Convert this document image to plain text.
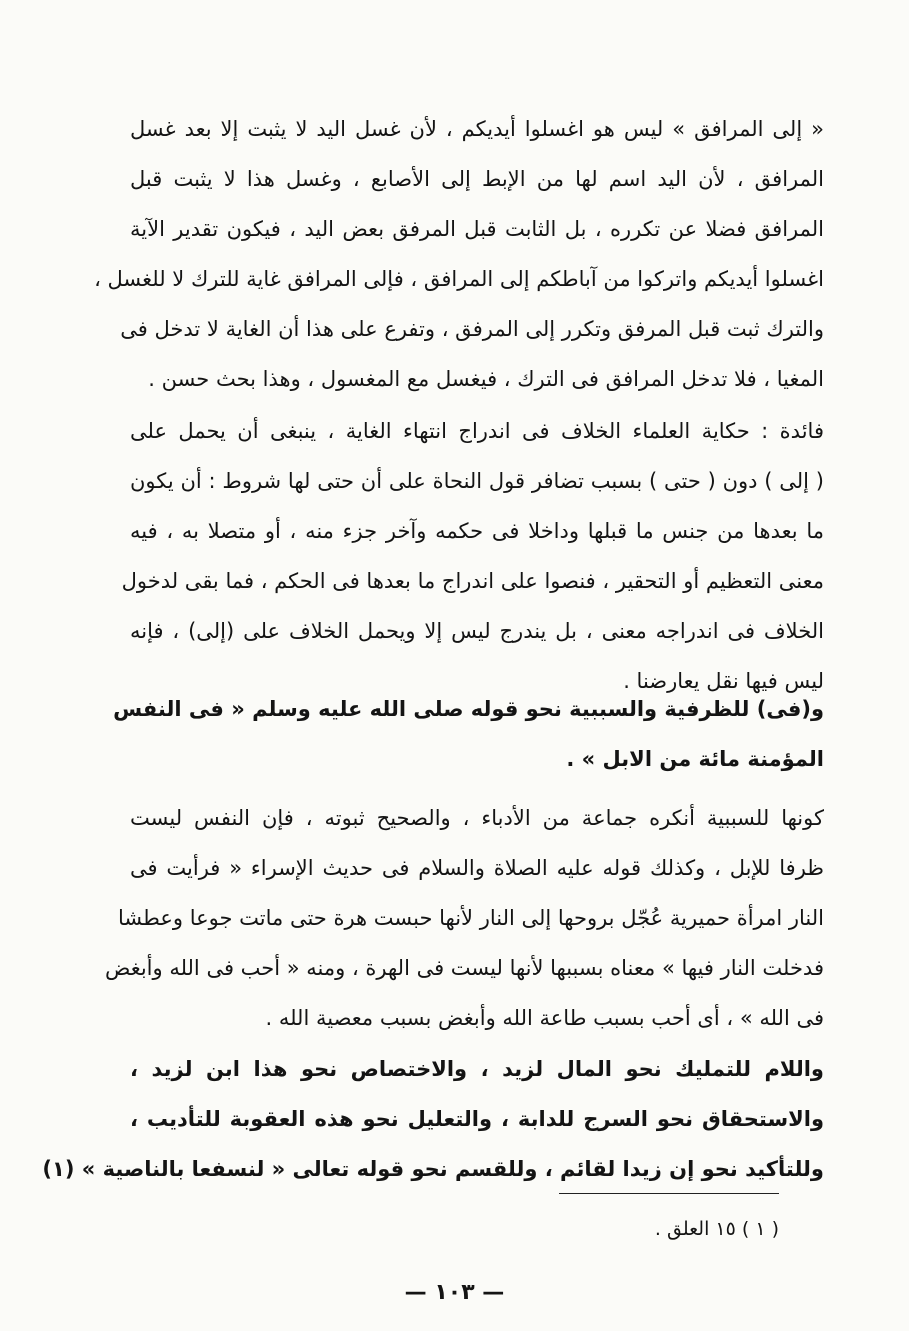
« إلى المرافق » ليس هو اغسلوا أيديكم ، لأن غسل اليد لا يثبت إلا بعد غسل
المرافق ، لأن اليد اسم لها من الإبط إلى الأصابع ، وغسل هذا لا يثبت قبل
المرافق فضلا عن تكرره ، بل الثابت قبل المرفق بعض اليد ، فيكون تقدير الآية
اغسلوا أيديكم واتركوا من آباطكم إلى المرافق ، فإلى المرافق غاية للترك لا للغسل ،
والترك ثبت قبل المرفق وتكرر إلى المرفق ، وتفرع على هذا أن الغاية لا تدخل فى
المغيا ، فلا تدخل المرافق فى الترك ، فيغسل مع المغسول ، وهذا بحث حسن .
فائدة : حكاية العلماء الخلاف فى اندراج انتهاء الغاية ، ينبغى أن يحمل على
( إلى ) دون ( حتى ) بسبب تضافر قول النحاة على أن حتى لها شروط : أن يكون
ما بعدها من جنس ما قبلها وداخلا فى حكمه وآخر جزء منه ، أو متصلا به ، فيه
معنى التعظيم أو التحقير ، فنصوا على اندراج ما بعدها فى الحكم ، فما بقى لدخول
الخلاف فى اندراجه معنى ، بل يندرج ليس إلا ويحمل الخلاف على (إلى) ، فإنه
ليس فيها نقل يعارضنا .
و(فى) للظرفية والسببية نحو قوله صلى الله عليه وسلم « فى النفس
المؤمنة مائة من الابل » .
كونها للسببية أنكره جماعة من الأدباء ، والصحيح ثبوته ، فإن النفس ليست
ظرفا للإبل ، وكذلك قوله عليه الصلاة والسلام فى حديث الإسراء « فرأيت فى
النار امرأة حميرية عُجّل بروحها إلى النار لأنها حبست هرة حتى ماتت جوعا وعطشا
فدخلت النار فيها » معناه بسببها لأنها ليست فى الهرة ، ومنه « أحب فى الله وأبغض
فى الله » ، أى أحب بسبب طاعة الله وأبغض بسبب معصية الله .
واللام للتمليك نحو المال لزيد ، والاختصاص نحو هذا ابن لزيد ،
والاستحقاق نحو السرج للدابة ، والتعليل نحو هذه العقوبة للتأديب ،
وللتأكيد نحو إن زيدا لقائم ، وللقسم نحو قوله تعالى « لنسفعا بالناصية » (١)
( ١ ) ١٥ العلق .
— ١٠٣ —
